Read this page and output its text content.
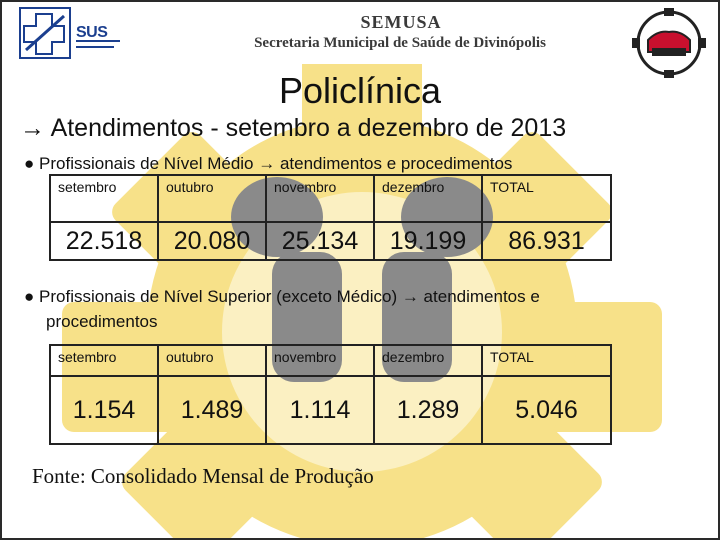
SUS
SEMUSA
Secretaria Municipal de Saúde de Divinópolis
Policlínica
→ Atendimentos - setembro a dezembro de 2013
● Profissionais de Nível Médio → atendimentos e procedimentos
setembro	outubro	novembro	dezembro	TOTAL
22.518	20.080	25.134	19.199	86.931
● Profissionais de Nível Superior (exceto Médico) → atendimentos e
procedimentos
setembro	outubro	novembro	dezembro	TOTAL
1.154	1.489	1.114	1.289	5.046
Fonte: Consolidado Mensal de Produção
